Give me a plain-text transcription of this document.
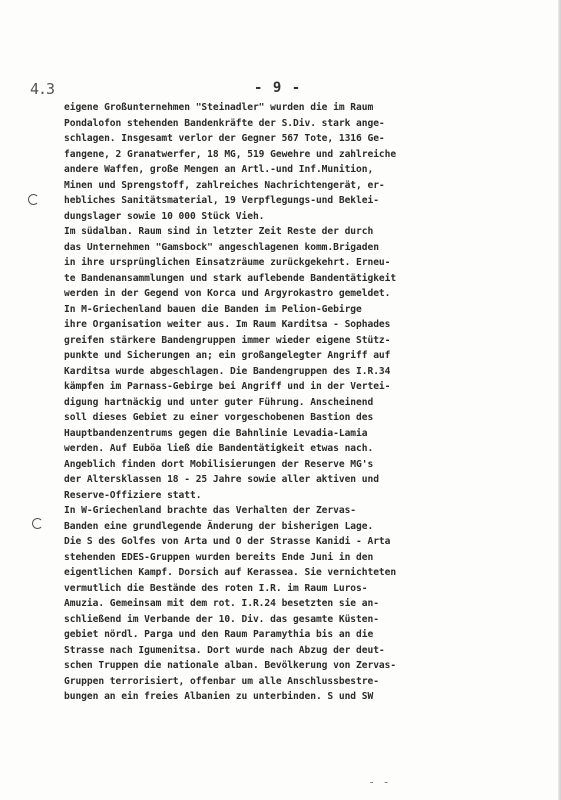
4.3	- 9 -
eigene Großunternehmen "Steinadler" wurden die im Raum
Pondalofon stehenden Bandenkräfte der S.Div. stark ange-
schlagen. Insgesamt verlor der Gegner 567 Tote, 1316 Ge-
fangene, 2 Granatwerfer, 18 MG, 519 Gewehre und zahlreiche
andere Waffen, große Mengen an Artl.-und Inf.Munition,
Minen und Sprengstoff, zahlreiches Nachrichtengerät, er-
hebliches Sanitätsmaterial, 19 Verpflegungs-und Beklei-
dungslager sowie 10 000 Stück Vieh.
Im südalban. Raum sind in letzter Zeit Reste der durch
das Unternehmen "Gamsbock" angeschlagenen komm.Brigaden
in ihre ursprünglichen Einsatzräume zurückgekehrt. Erneu-
te Bandenansammlungen und stark auflebende Bandentätigkeit
werden in der Gegend von Korca und Argyrokastro gemeldet.
In M-Griechenland bauen die Banden im Pelion-Gebirge
ihre Organisation weiter aus. Im Raum Karditsa - Sophades
greifen stärkere Bandengruppen immer wieder eigene Stütz-
punkte und Sicherungen an; ein großangelegter Angriff auf
Karditsa wurde abgeschlagen. Die Bandengruppen des I.R.34
kämpfen im Parnass-Gebirge bei Angriff und in der Vertei-
digung hartnäckig und unter guter Führung. Anscheinend
soll dieses Gebiet zu einer vorgeschobenen Bastion des
Hauptbandenzentrums gegen die Bahnlinie Levadia-Lamia
werden. Auf Euböa ließ die Bandentätigkeit etwas nach.
Angeblich finden dort Mobilisierungen der Reserve MG's
der Altersklassen 18 - 25 Jahre sowie aller aktiven und
Reserve-Offiziere statt.
In W-Griechenland brachte das Verhalten der Zervas-
Banden eine grundlegende Änderung der bisherigen Lage.
Die S des Golfes von Arta und O der Strasse Kanidi - Arta
stehenden EDES-Gruppen wurden bereits Ende Juni in den
eigentlichen Kampf. Dorsich auf Kerassea. Sie vernichteten
vermutlich die Bestände des roten I.R. im Raum Luros-
Amuzia. Gemeinsam mit dem rot. I.R.24 besetzten sie an-
schließend im Verbande der 10. Div. das gesamte Küsten-
gebiet nördl. Parga und den Raum Paramythia bis an die
Strasse nach Igumenitsa. Dort wurde nach Abzug der deut-
schen Truppen die nationale alban. Bevölkerung von Zervas-
Gruppen terrorisiert, offenbar um alle Anschlussbestre-
bungen an ein freies Albanien zu unterbinden. S und SW
- -
